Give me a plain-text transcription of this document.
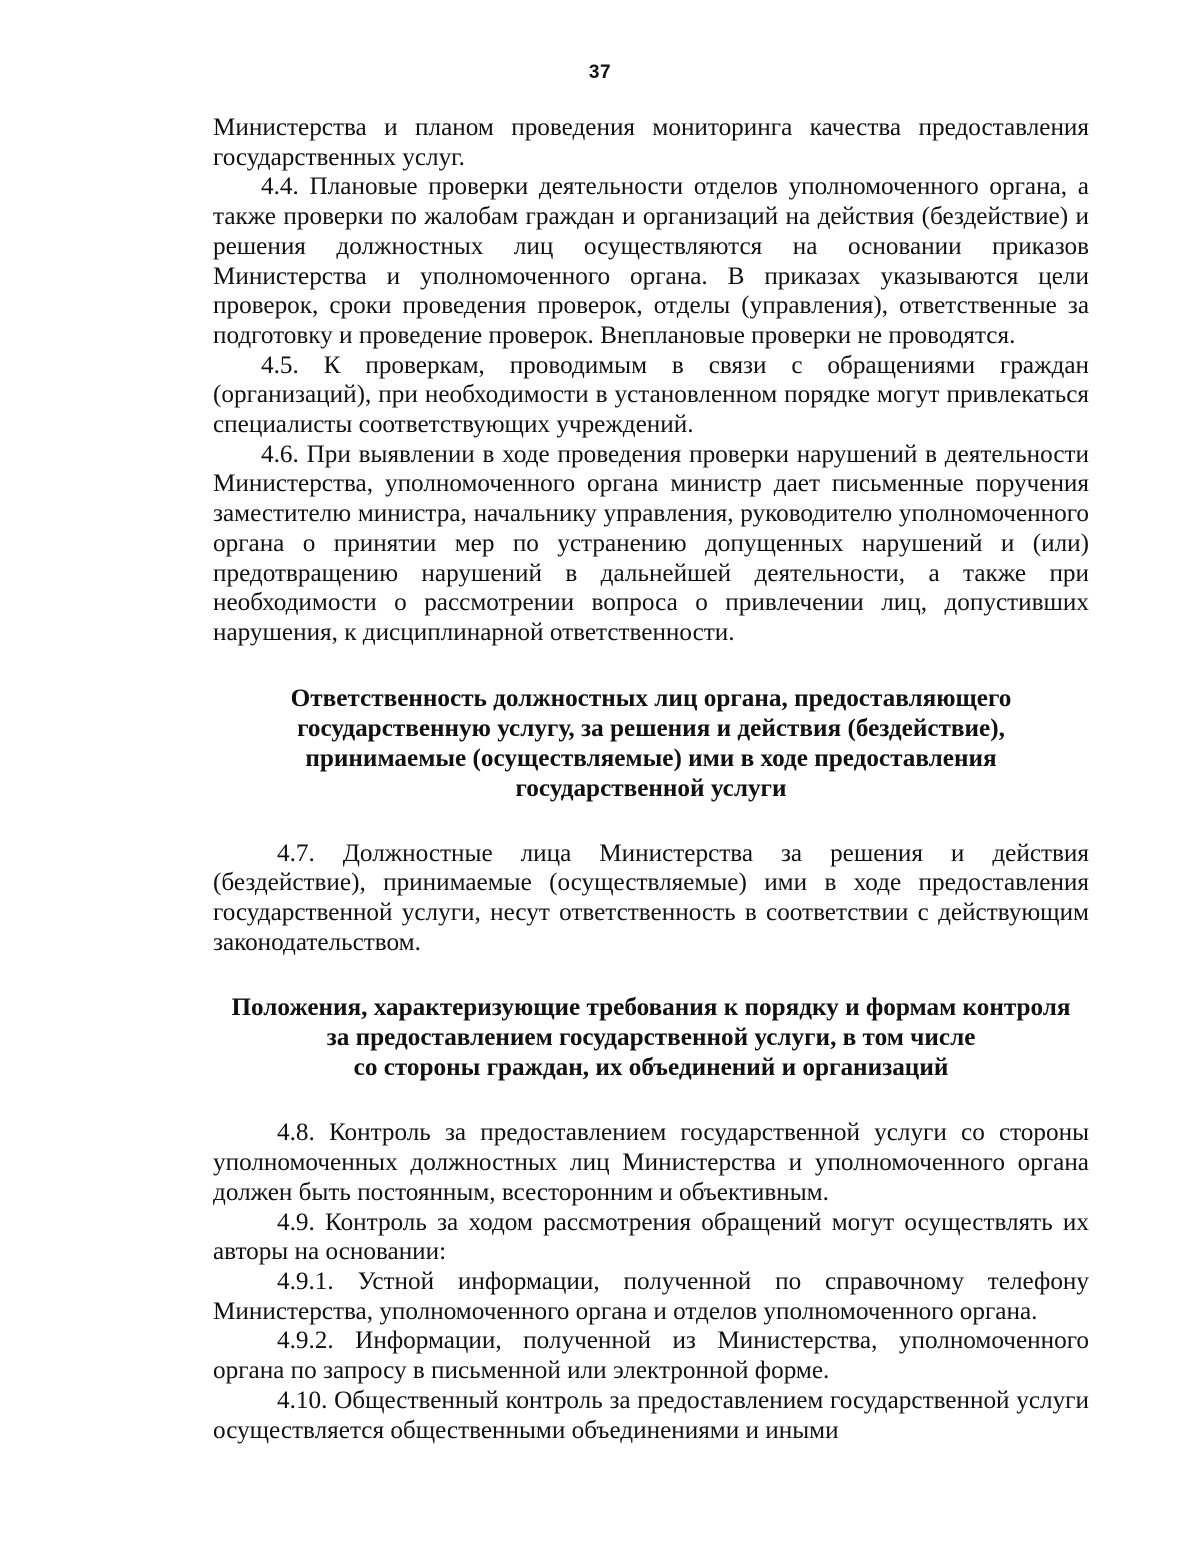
37

Министерства и планом проведения мониторинга качества предоставления государственных услуг.

4.4. Плановые проверки деятельности отделов уполномоченного органа, а также проверки по жалобам граждан и организаций на действия (бездействие) и решения должностных лиц осуществляются на основании приказов Министерства и уполномоченного органа. В приказах указываются цели проверок, сроки проведения проверок, отделы (управления), ответственные за подготовку и проведение проверок. Внеплановые проверки не проводятся.

4.5. К проверкам, проводимым в связи с обращениями граждан (организаций), при необходимости в установленном порядке могут привлекаться специалисты соответствующих учреждений.

4.6. При выявлении в ходе проведения проверки нарушений в деятельности Министерства, уполномоченного органа министр дает письменные поручения заместителю министра, начальнику управления, руководителю уполномоченного органа о принятии мер по устранению допущенных нарушений и (или) предотвращению нарушений в дальнейшей деятельности, а также при необходимости о рассмотрении вопроса о привлечении лиц, допустивших нарушения, к дисциплинарной ответственности.

Ответственность должностных лиц органа, предоставляющего
государственную услугу, за решения и действия (бездействие),
принимаемые (осуществляемые) ими в ходе предоставления
государственной услуги

4.7. Должностные лица Министерства за решения и действия (бездействие), принимаемые (осуществляемые) ими в ходе предоставления государственной услуги, несут ответственность в соответствии с действующим законодательством.

Положения, характеризующие требования к порядку и формам контроля
за предоставлением государственной услуги, в том числе
со стороны граждан, их объединений и организаций

4.8. Контроль за предоставлением государственной услуги со стороны уполномоченных должностных лиц Министерства и уполномоченного органа должен быть постоянным, всесторонним и объективным.

4.9. Контроль за ходом рассмотрения обращений могут осуществлять их авторы на основании:

4.9.1. Устной информации, полученной по справочному телефону Министерства, уполномоченного органа и отделов уполномоченного органа.

4.9.2. Информации, полученной из Министерства, уполномоченного органа по запросу в письменной или электронной форме.

4.10. Общественный контроль за предоставлением государственной услуги осуществляется общественными объединениями и иными
